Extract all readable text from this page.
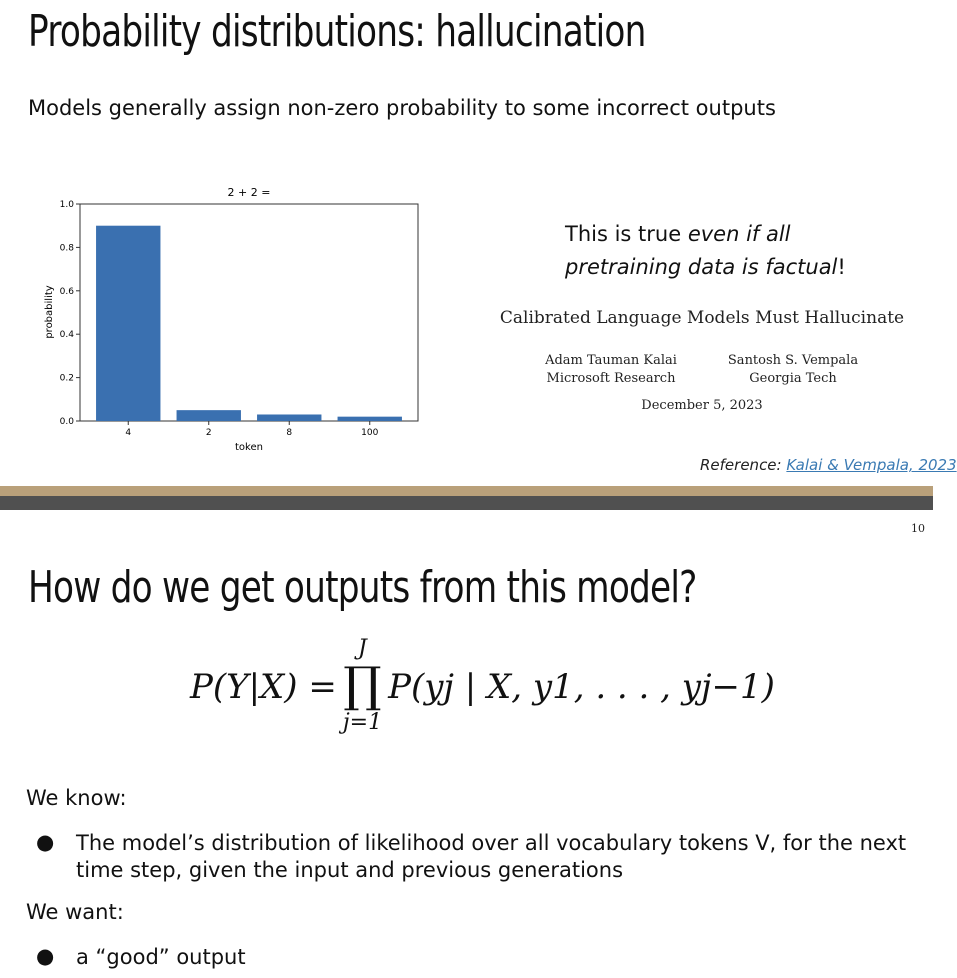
Probability distributions: hallucination

Models generally assign non-zero probability to some incorrect outputs

2 + 2 =
token
probability
0.0
0.2
0.4
0.6
0.8
1.0
4	2	8	100

This is true even if all
pretraining data is factual!

Calibrated Language Models Must Hallucinate

Adam Tauman Kalai
Microsoft Research
Santosh S. Vempala
Georgia Tech
December 5, 2023
Reference: Kalai & Vempala, 2023
10
How do we get outputs from this model?
P(Y|X) =
J
∏
j=1
P(yj | X, y1, . . . , yj−1)

We know:

●	The model’s distribution of likelihood over all vocabulary tokens V, for the next time step, given the input and previous generations

We want:

●	a “good” output
